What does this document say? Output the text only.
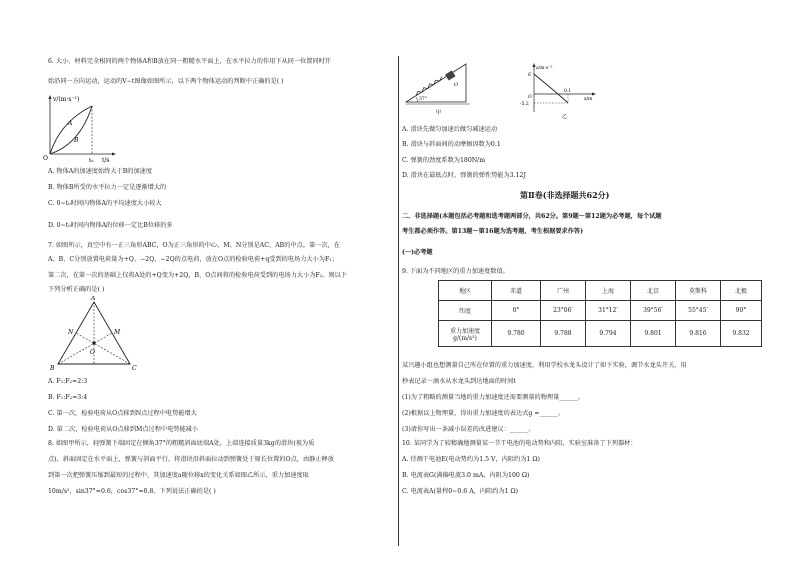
6. 大小、材料完全相同的两个物体A和B放在同一粗糙水平面上，在水平拉力的作用下从同一位置同时开
始沿同一方向运动，运动的V−t图像如图所示，以下两个物体运动的判断中正确的是( )
v/(m·s⁻¹)
t/s
O	t₀
A
B
A. 物体A的加速度始终大于B的加速度
B. 物体B所受的水平拉力一定是逐渐增大的
C. 0~t₀时间内物体A的平均速度大小较大
D. 0~t₀时间内物体A的位移一定比B位移的多
7. 如图所示，真空中有一正三角形ABC，O为正三角形的中心，M、N分别是AC、AB的中点。第一次，在
A、B、C分别放置电荷量为+Q、−2Q、−2Q的点电荷，放在O点的检验电荷+q受到的电场力大小为F₁；
第二次，在第一次的基础上仅将A处的+Q变为+2Q，B、O点间将的检验电荷受到的电场力大小为F₂。则以下
下列分析正确的是( )
A
B	C
M
N
O
A. F₁:F₂=2:3
B. F₁:F₂=3:4
C. 第一次，检验电荷从O点移到N点过程中电势能增大
D. 第二次，检验电荷从O点移到M点过程中电势能减小
8. 如图甲所示，轻弹簧下端固定在倾角37°的粗糙斜面底端A处，上端连接质量3kg的滑块(视为质
点)，斜面固定在水平面上，弹簧与斜面平行。将滑块沿斜面拉动到弹簧处于原长位置的O点，由静止释放
到第一次把弹簧压缩到最短的过程中，其加速度a随位移x的变化关系如图乙所示，重力加速度取
10m/s²，sin37°=0.6，cos37°=0.8。下列说法正确的是( )
37°
O
甲
a/m·s⁻²
x/m
6
0.1
-5.2
O
乙
A. 滑块先做匀加速后做匀减速运动
B. 滑块与斜面间的动摩擦因数为0.1
C. 弹簧的劲度系数为180N/m
D. 滑块在最低点时，弹簧的弹性势能为3.12J
第Ⅱ卷(非选择题共62分)
二、非选择题(本题包括必考题和选考题两部分，共62分。第9题～第12题为必考题，每个试题
考生都必须作答。第13题～第16题为选考题，考生根据要求作答)
(一)必考题
9. 下面为不同地区的重力加速度数值。
地区	赤道	广州	上海	北京	莫斯科	北极
纬度	0°	23°06′	31°12′	39°56′	55°45′	90°

重力加速度
g/(m/s²)	9.780	9.788	9.794	9.801	9.816	9.832
某兴趣小组也想测量自己所在位置的重力加速度，利用学校水龙头设计了如下实验，调节水龙头开关，用
秒表记录一滴水从水龙头到达地面的时间t
(1)为了粗略的测量当地的重力加速度还需要测量的物理量______。
(2)根据以上物理量，得出重力加速度的表达式g =______。
(3)请你写出一条减小误差的改进建议：______。
10. 某同学为了较精确地测量某一节干电池的电动势和内阻，实验室准备了下列器材：
A. 待测干电池E(电动势约为1.5 V，内阻约为1 Ω)
B. 电流表G(满偏电流3.0 mA，内阻为100 Ω)
C. 电流表A(量程0~0.6 A，内阻约为1 Ω)
